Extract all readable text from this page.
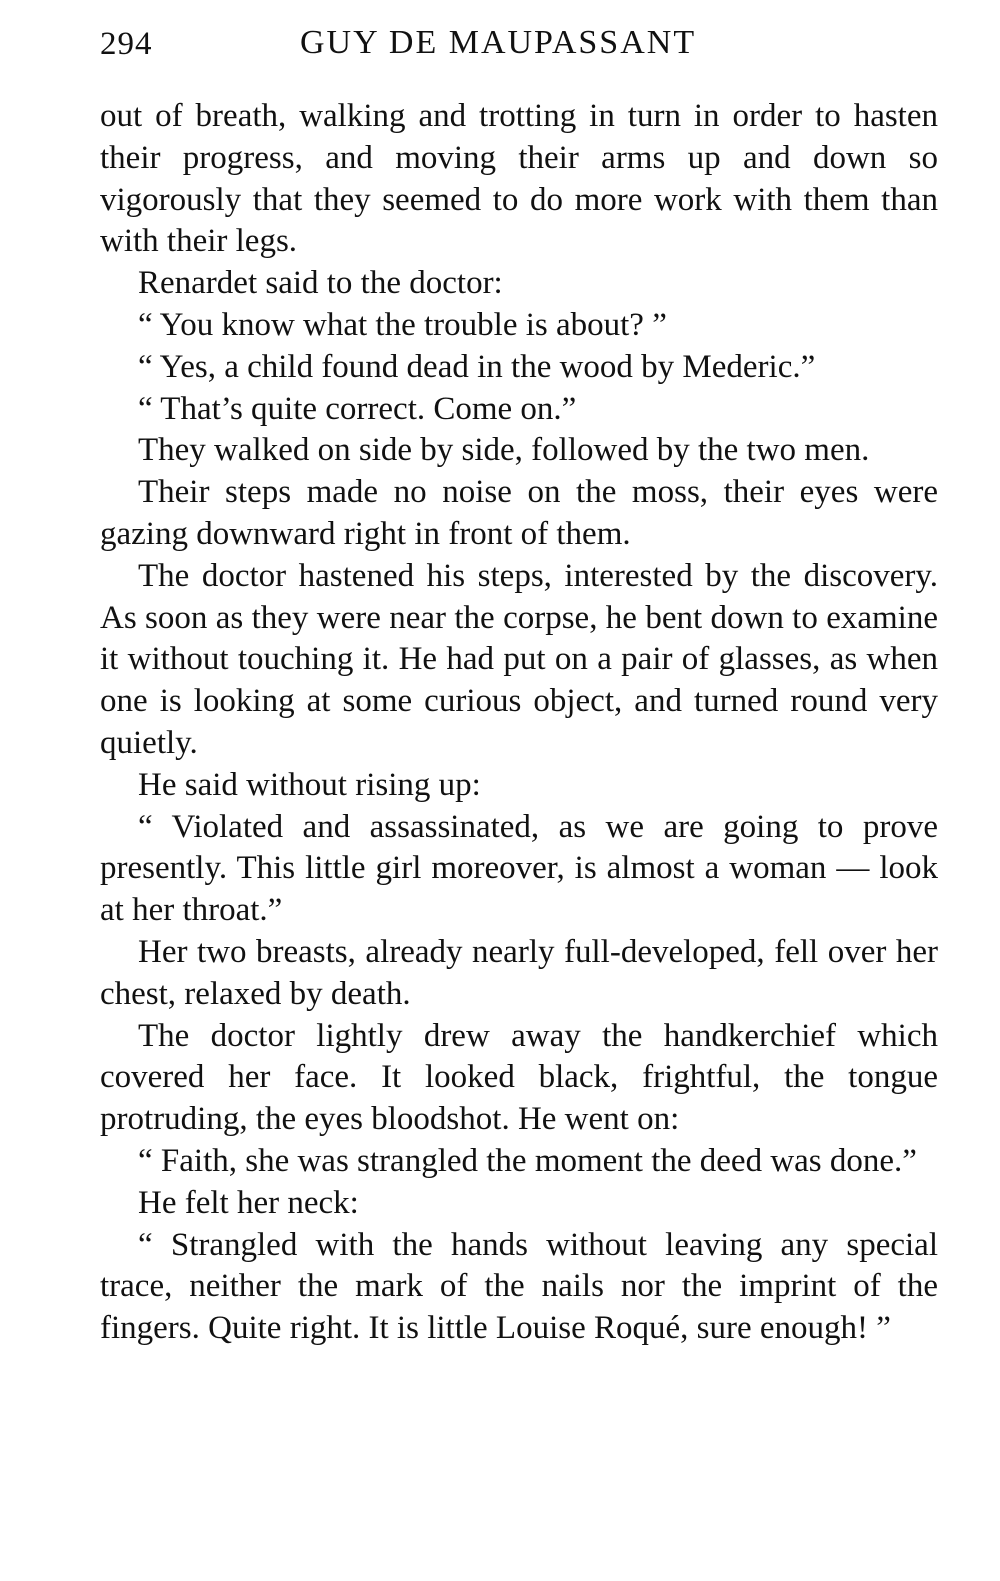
294	GUY DE MAUPASSANT

out of breath, walking and trotting in turn in order to hasten their progress, and moving their arms up and down so vigorously that they seemed to do more work with them than with their legs.

Renardet said to the doctor:

“ You know what the trouble is about? ”

“ Yes, a child found dead in the wood by Mederic.”

“ That’s quite correct. Come on.”

They walked on side by side, followed by the two men.

Their steps made no noise on the moss, their eyes were gazing downward right in front of them.

The doctor hastened his steps, interested by the discovery. As soon as they were near the corpse, he bent down to examine it without touching it. He had put on a pair of glasses, as when one is looking at some curious object, and turned round very quietly.

He said without rising up:

“ Violated and assassinated, as we are going to prove presently. This little girl moreover, is almost a woman — look at her throat.”

Her two breasts, already nearly full-developed, fell over her chest, relaxed by death.

The doctor lightly drew away the handkerchief which covered her face. It looked black, frightful, the tongue protruding, the eyes bloodshot. He went on:

“ Faith, she was strangled the moment the deed was done.”

He felt her neck:

“ Strangled with the hands without leaving any special trace, neither the mark of the nails nor the imprint of the fingers. Quite right. It is little Louise Roqué, sure enough! ”
